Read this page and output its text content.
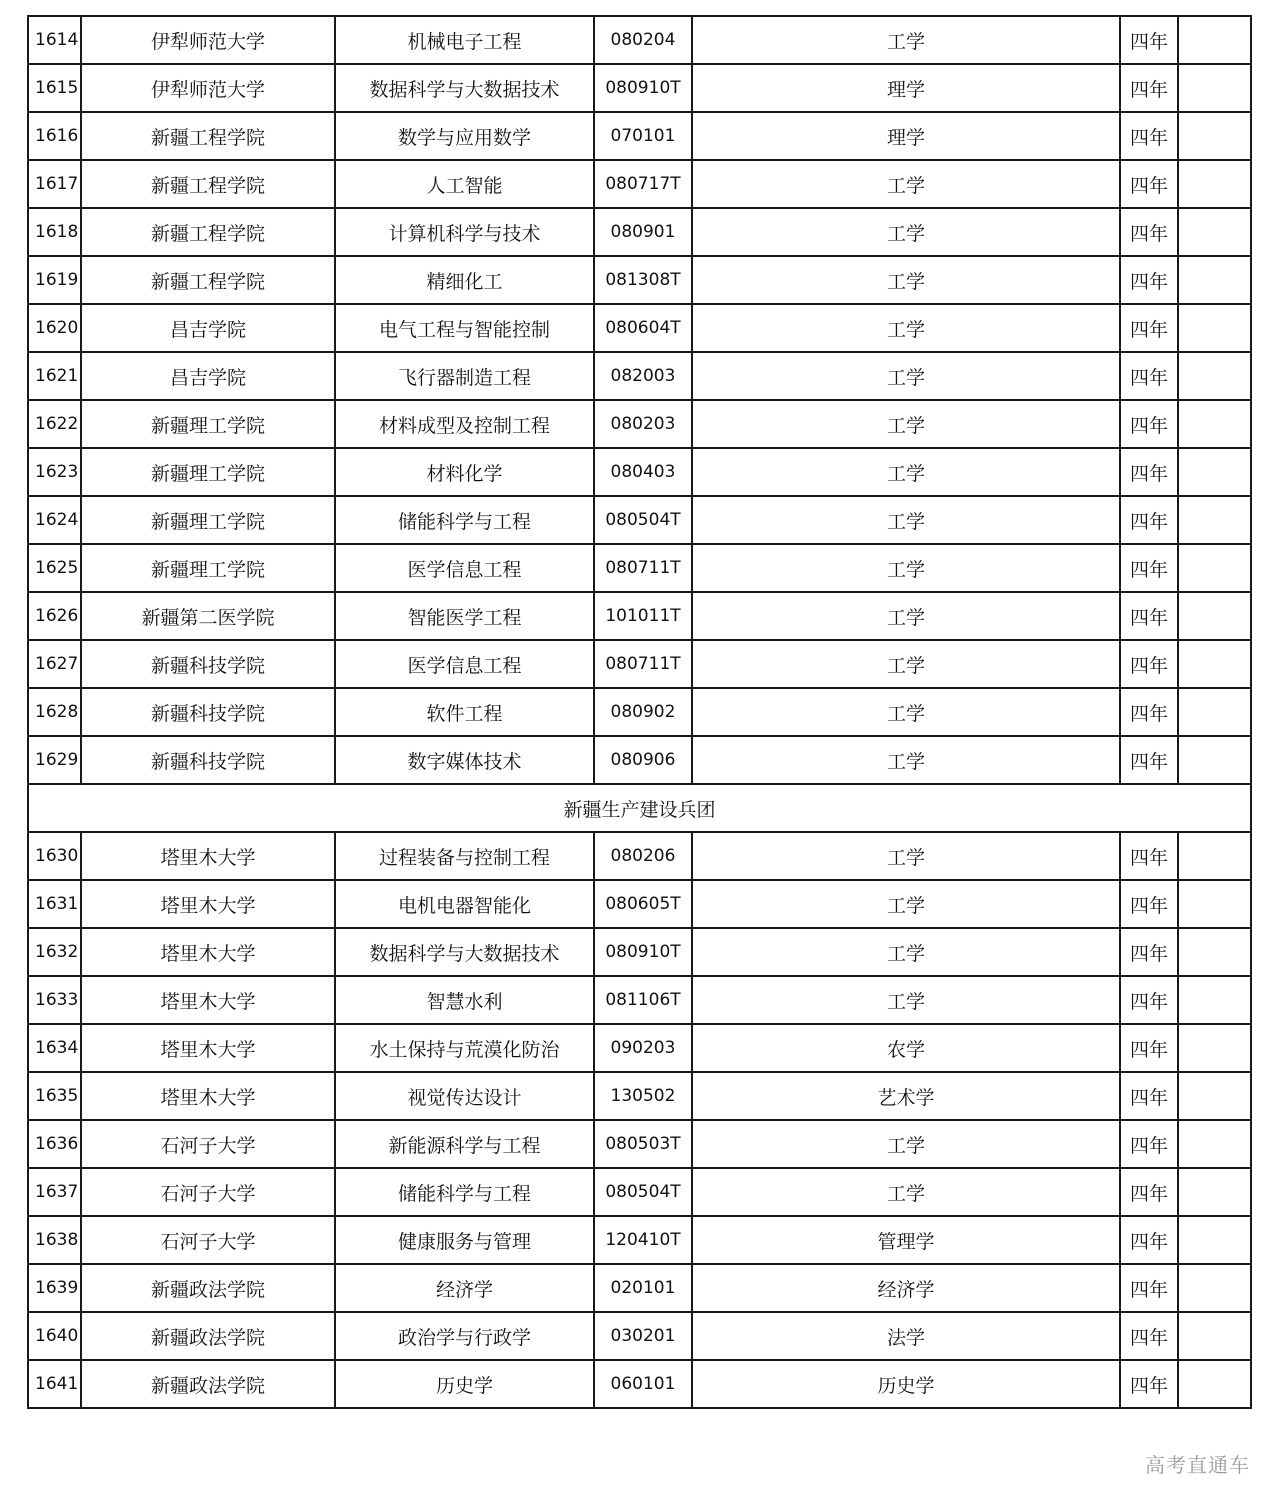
1614	伊犁师范大学	机械电子工程	080204	工学	四年	
1615	伊犁师范大学	数据科学与大数据技术	080910T	理学	四年	
1616	新疆工程学院	数学与应用数学	070101	理学	四年	
1617	新疆工程学院	人工智能	080717T	工学	四年	
1618	新疆工程学院	计算机科学与技术	080901	工学	四年	
1619	新疆工程学院	精细化工	081308T	工学	四年	
1620	昌吉学院	电气工程与智能控制	080604T	工学	四年	
1621	昌吉学院	飞行器制造工程	082003	工学	四年	
1622	新疆理工学院	材料成型及控制工程	080203	工学	四年	
1623	新疆理工学院	材料化学	080403	工学	四年	
1624	新疆理工学院	储能科学与工程	080504T	工学	四年	
1625	新疆理工学院	医学信息工程	080711T	工学	四年	
1626	新疆第二医学院	智能医学工程	101011T	工学	四年	
1627	新疆科技学院	医学信息工程	080711T	工学	四年	
1628	新疆科技学院	软件工程	080902	工学	四年	
1629	新疆科技学院	数字媒体技术	080906	工学	四年	
新疆生产建设兵团						
1630	塔里木大学	过程装备与控制工程	080206	工学	四年	
1631	塔里木大学	电机电器智能化	080605T	工学	四年	
1632	塔里木大学	数据科学与大数据技术	080910T	工学	四年	
1633	塔里木大学	智慧水利	081106T	工学	四年	
1634	塔里木大学	水土保持与荒漠化防治	090203	农学	四年	
1635	塔里木大学	视觉传达设计	130502	艺术学	四年	
1636	石河子大学	新能源科学与工程	080503T	工学	四年	
1637	石河子大学	储能科学与工程	080504T	工学	四年	
1638	石河子大学	健康服务与管理	120410T	管理学	四年	
1639	新疆政法学院	经济学	020101	经济学	四年	
1640	新疆政法学院	政治学与行政学	030201	法学	四年	
1641	新疆政法学院	历史学	060101	历史学	四年	
高考直通车
